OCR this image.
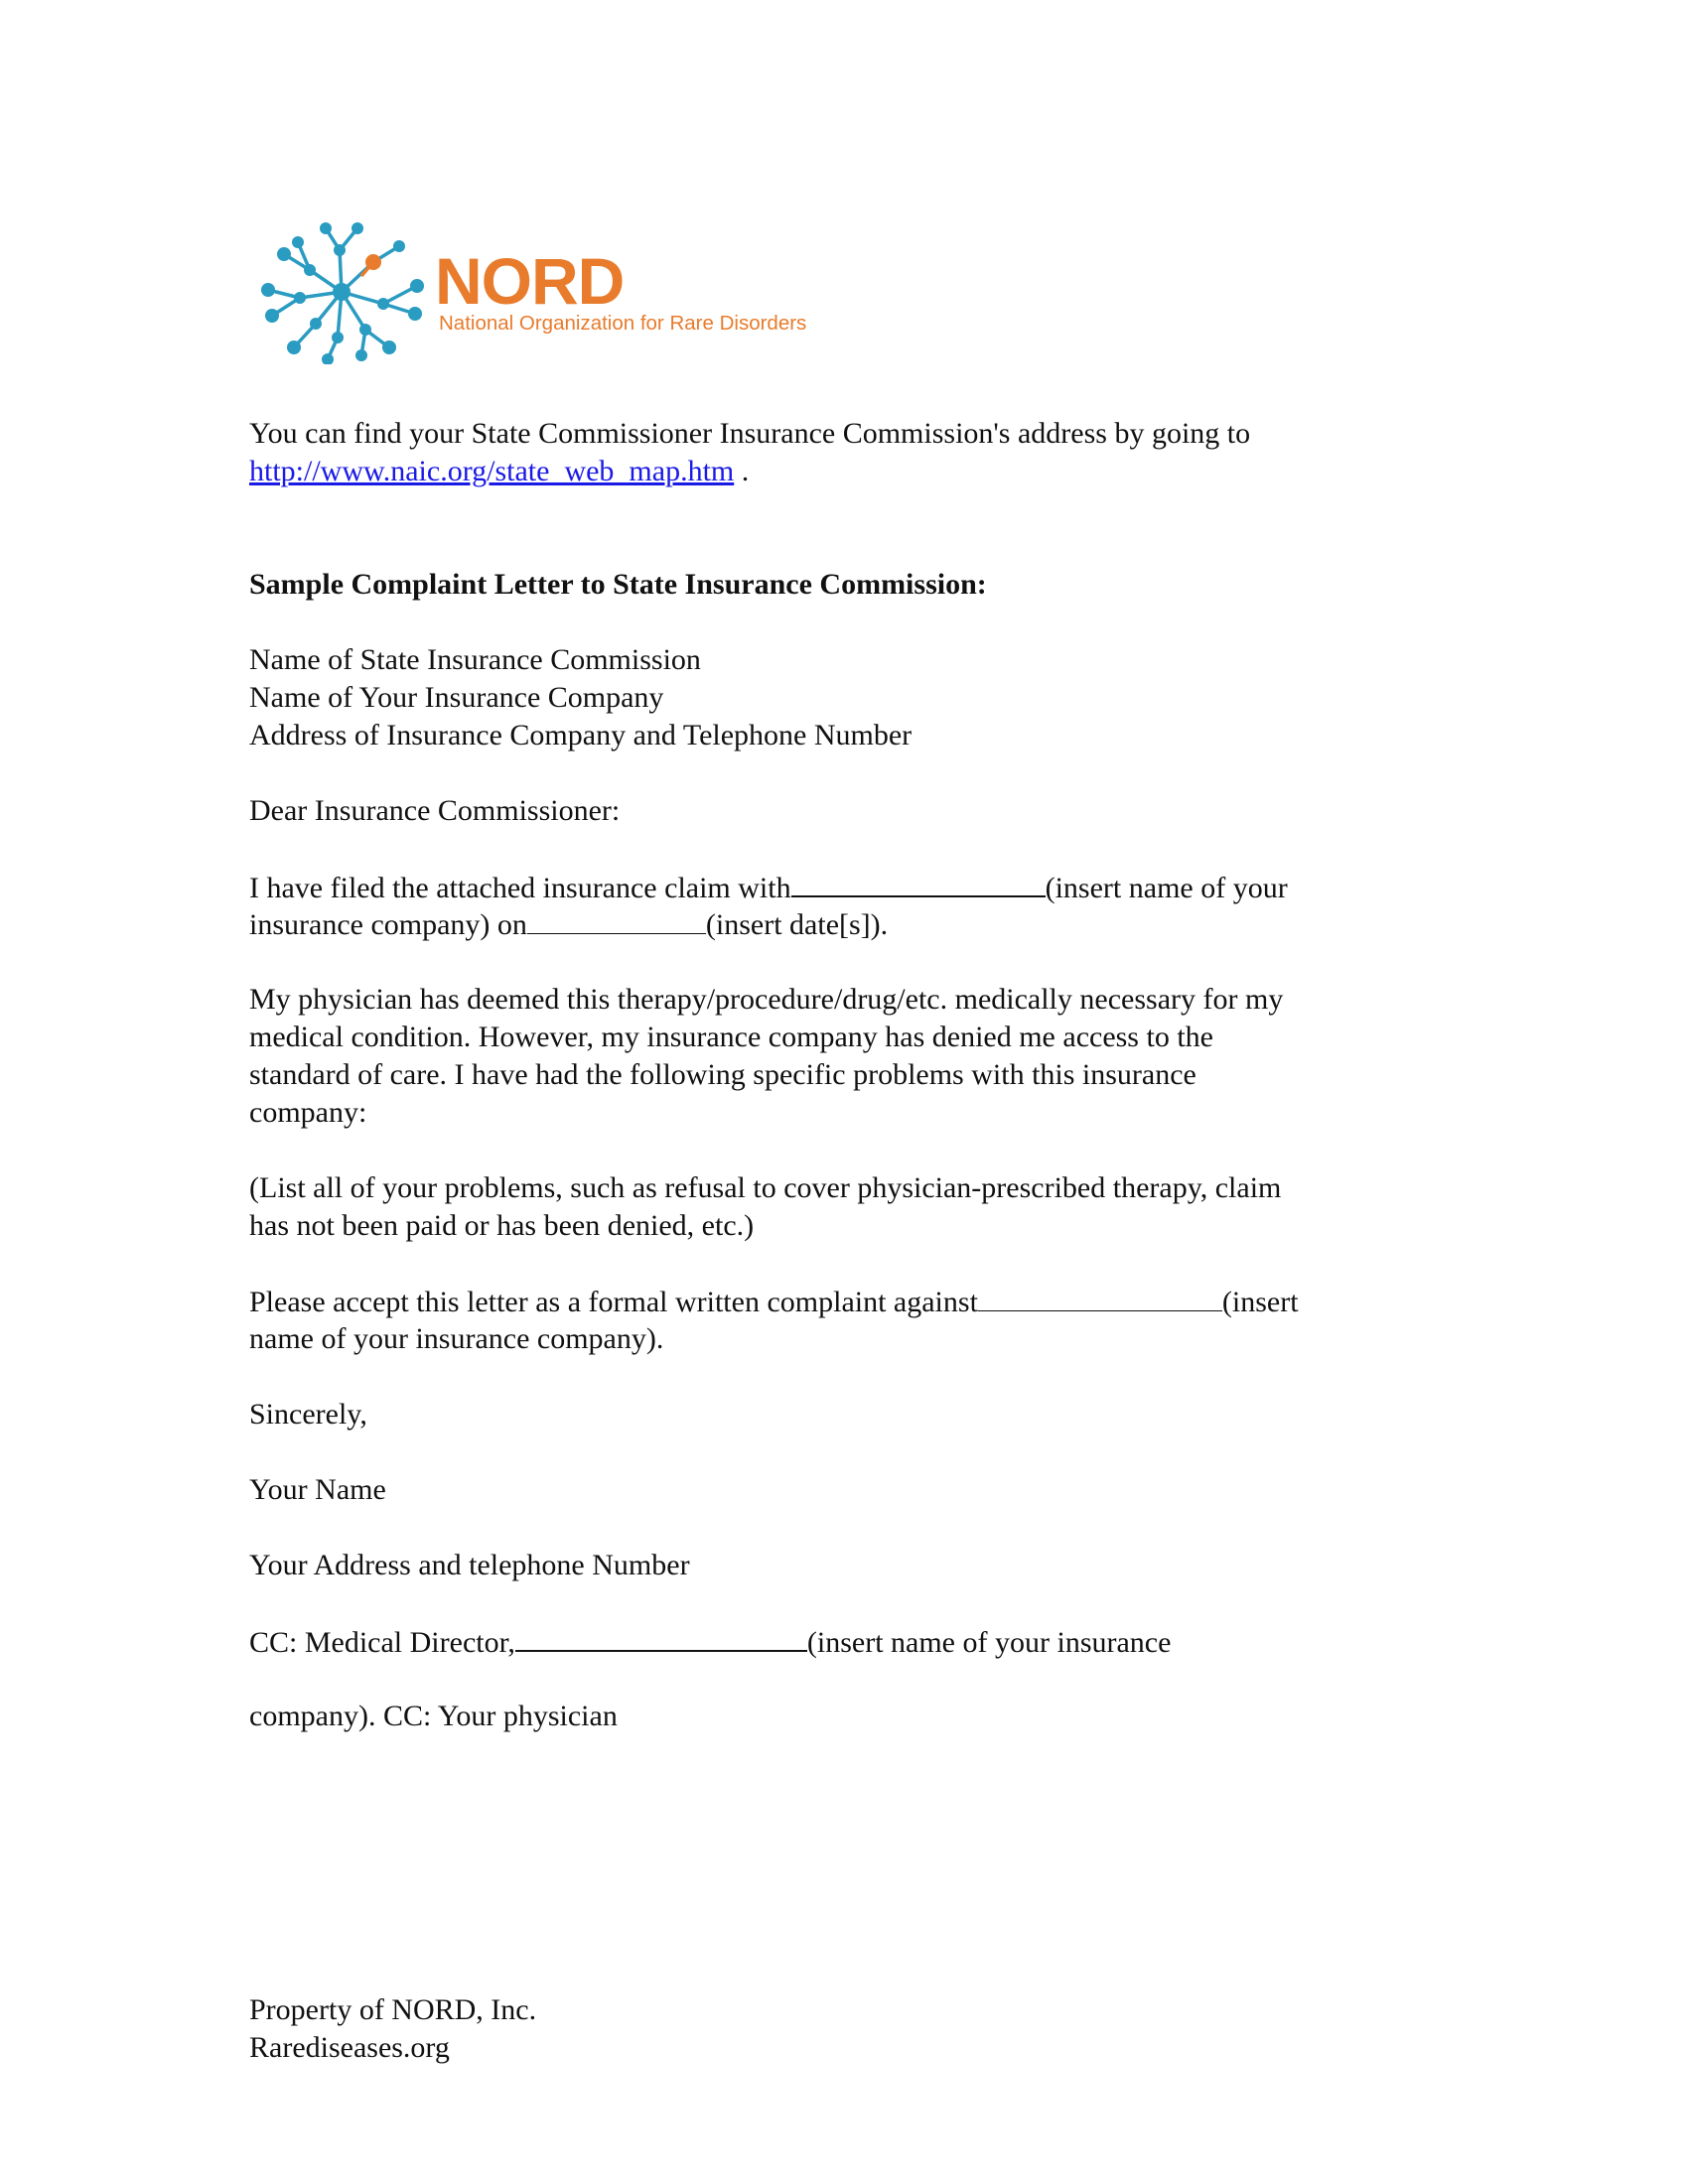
NORD
National Organization for Rare Disorders
You can find your State Commissioner Insurance Commission's address by going to
http://www.naic.org/state_web_map.htm .
Sample Complaint Letter to State Insurance Commission:
Name of State Insurance Commission
Name of Your Insurance Company
Address of Insurance Company and Telephone Number
Dear Insurance Commissioner:
I have filed the attached insurance claim with	(insert name of your
insurance company) on	(insert date[s]).
My physician has deemed this therapy/procedure/drug/etc. medically necessary for my
medical condition. However, my insurance company has denied me access to the
standard of care. I have had the following specific problems with this insurance
company:
(List all of your problems, such as refusal to cover physician-prescribed therapy, claim
has not been paid or has been denied, etc.)
Please accept this letter as a formal written complaint against	(insert
name of your insurance company).
Sincerely,
Your Name
Your Address and telephone Number
CC: Medical Director,	(insert name of your insurance
company). CC: Your physician
Property of NORD, Inc.
Rarediseases.org
